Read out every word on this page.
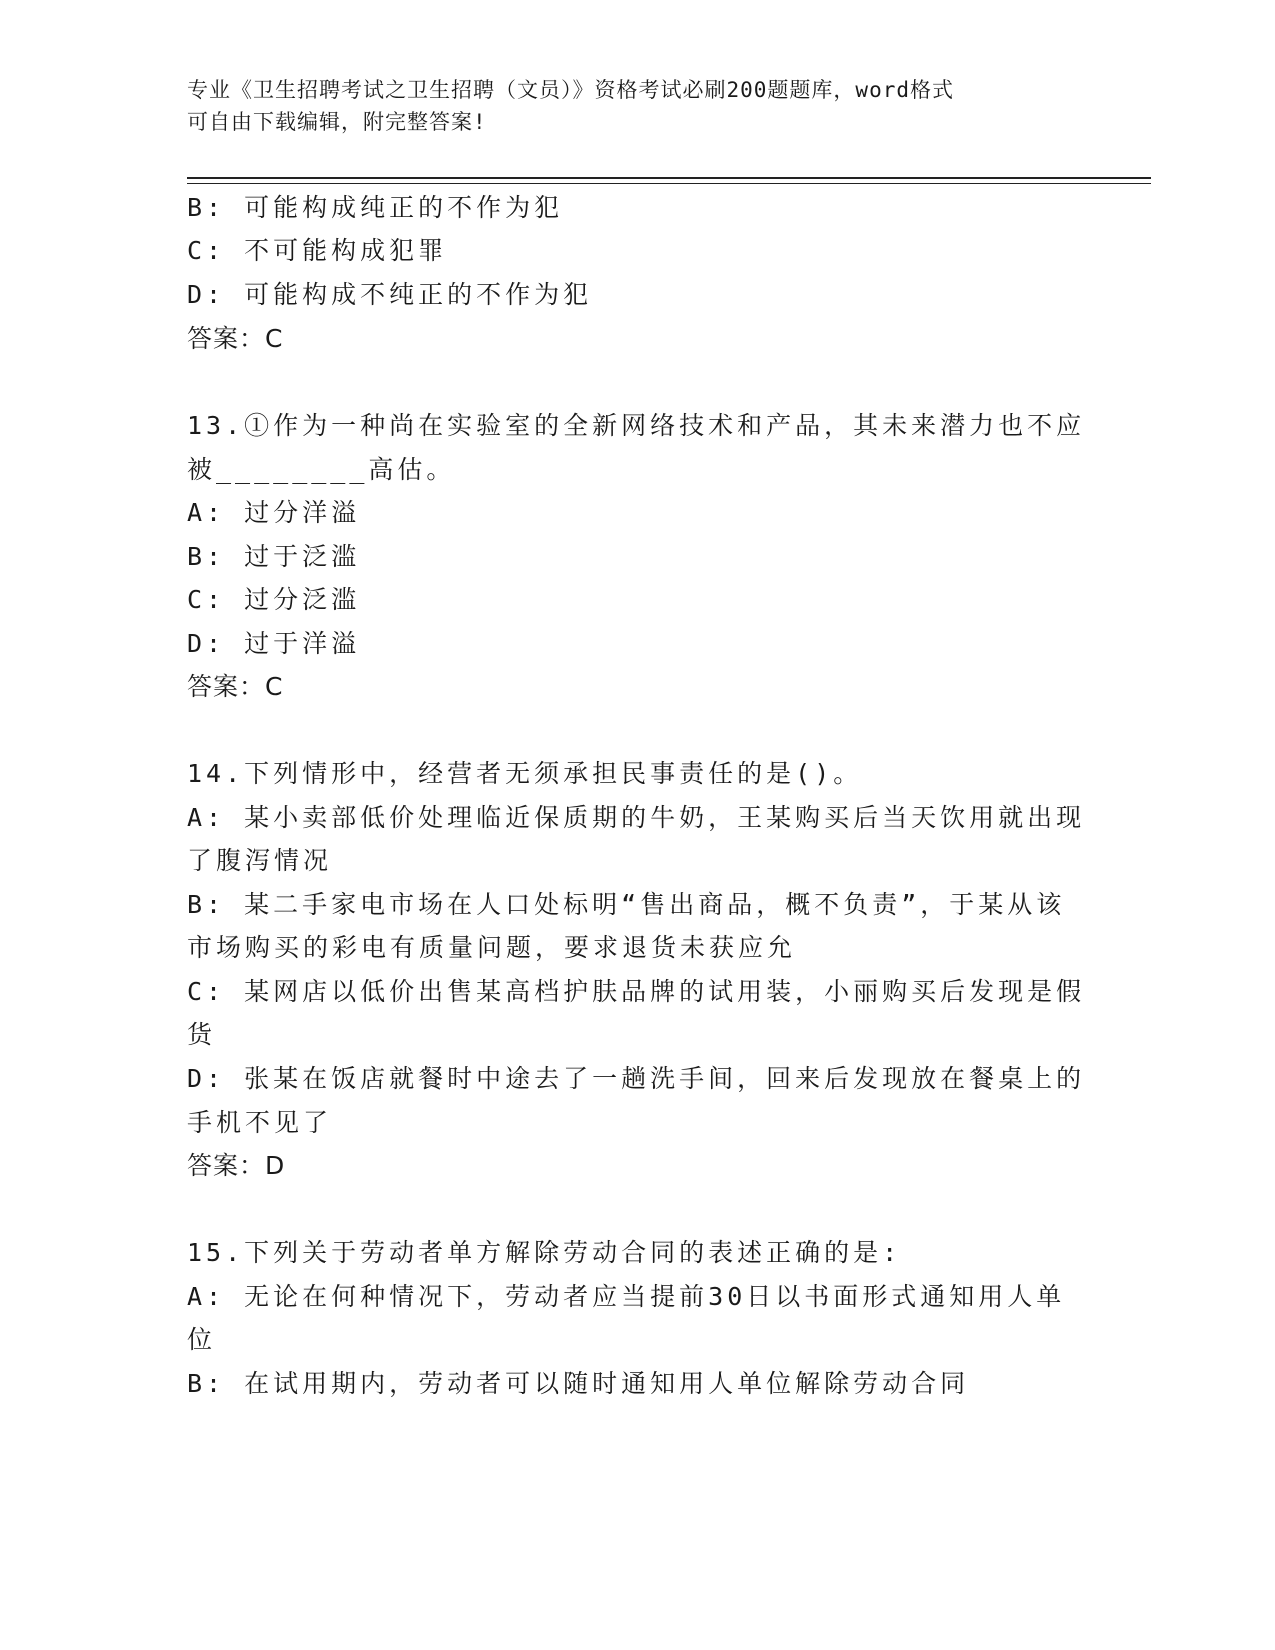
专业《卫生招聘考试之卫生招聘（文员）》资格考试必刷200题题库，word格式
可自由下载编辑，附完整答案!
B: 可能构成纯正的不作为犯
C: 不可能构成犯罪
D: 可能构成不纯正的不作为犯
答案：C
13.①作为一种尚在实验室的全新网络技术和产品，其未来潜力也不应
被________高估。
A: 过分洋溢
B: 过于泛滥
C: 过分泛滥
D: 过于洋溢
答案：C
14.下列情形中，经营者无须承担民事责任的是()。
A: 某小卖部低价处理临近保质期的牛奶，王某购买后当天饮用就出现
了腹泻情况
B: 某二手家电市场在人口处标明“售出商品，概不负责”，于某从该
市场购买的彩电有质量问题，要求退货未获应允
C: 某网店以低价出售某高档护肤品牌的试用装，小丽购买后发现是假
货
D: 张某在饭店就餐时中途去了一趟洗手间，回来后发现放在餐桌上的
手机不见了
答案：D
15.下列关于劳动者单方解除劳动合同的表述正确的是:
A: 无论在何种情况下，劳动者应当提前30日以书面形式通知用人单
位
B: 在试用期内，劳动者可以随时通知用人单位解除劳动合同
